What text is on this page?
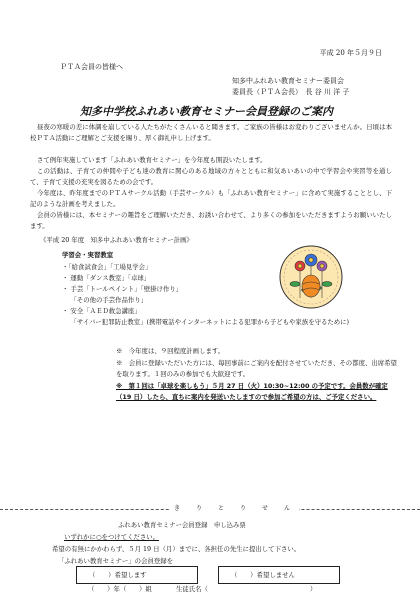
平成 20 年５月９日
ＰＴＡ会員の皆様へ
知多中ふれあい教育セミナー委員会
委員長（ＰＴＡ会長）　長 谷 川 洋 子
知多中学校ふれあい教育セミナー会員登録のご案内
昼夜の寒暖の差に体調を崩している人たちがたくさんいると聞きます。ご家族の皆様はお変わりございませんか。日頃は本校ＰＴＡ活動にご理解とご支援を賜り、厚く御礼申し上げます。
さて例年実施しています「ふれあい教育セミナー」を今年度も開設いたします。
この活動は、子育ての仲間や子ども達の教育に関心のある地域の方々とともに和気あいあいの中で学習会や実習等を通して、子育て支援の充実を図るための会です。
今年度は、昨年度までのＰＴＡサークル活動（手芸サークル）も「ふれあい教育セミナー」に含めて実施することとし、下記のような計画を考えました。
会員の皆様には、本セミナーの趣旨をご理解いただき、お誘い合わせて、より多くの参加をいただきますようお願いいたします。
《平成 20 年度　知多中ふれあい教育セミナー計画》
学習会・実習教室
・「給食試食会」「工場見学会」
・ 運動「ダンス教室」「卓球」
・ 手芸「トールペイント」「壁掛け作り」
　 「その他の手芸作品作り」
・ 安全「ＡＥＤ救急講座」
　 「サイバー犯罪防止教室」(携帯電話やインターネットによる犯罪から子どもや家族を守るために)
※　今年度は、９回程度計画します。
※　会員に登録いただいた方には、毎回事前にご案内を配付させていただき、その都度、出席希望を取ります。１回のみの参加でも大歓迎です。
※　第１回は「卓球を楽しもう」５月 27 日（火）10:30~12:00 の予定です。会員数が確定（19 日）したら、直ちに案内を発送いたしますので参加ご希望の方は、ご予定ください。
き　り　と　り　せ　ん
ふれあい教育セミナー会員登録　申し込み票
いずれかに○をつけてください。
希望の有無にかかわらず、５月 19 日（月）までに、各担任の先生に提出して下さい。
「ふれあい教育セミナー」の会員登録を
（　　）希望します	（　　）希望しません
（　　）年（　　）組	生徒氏名（	）
